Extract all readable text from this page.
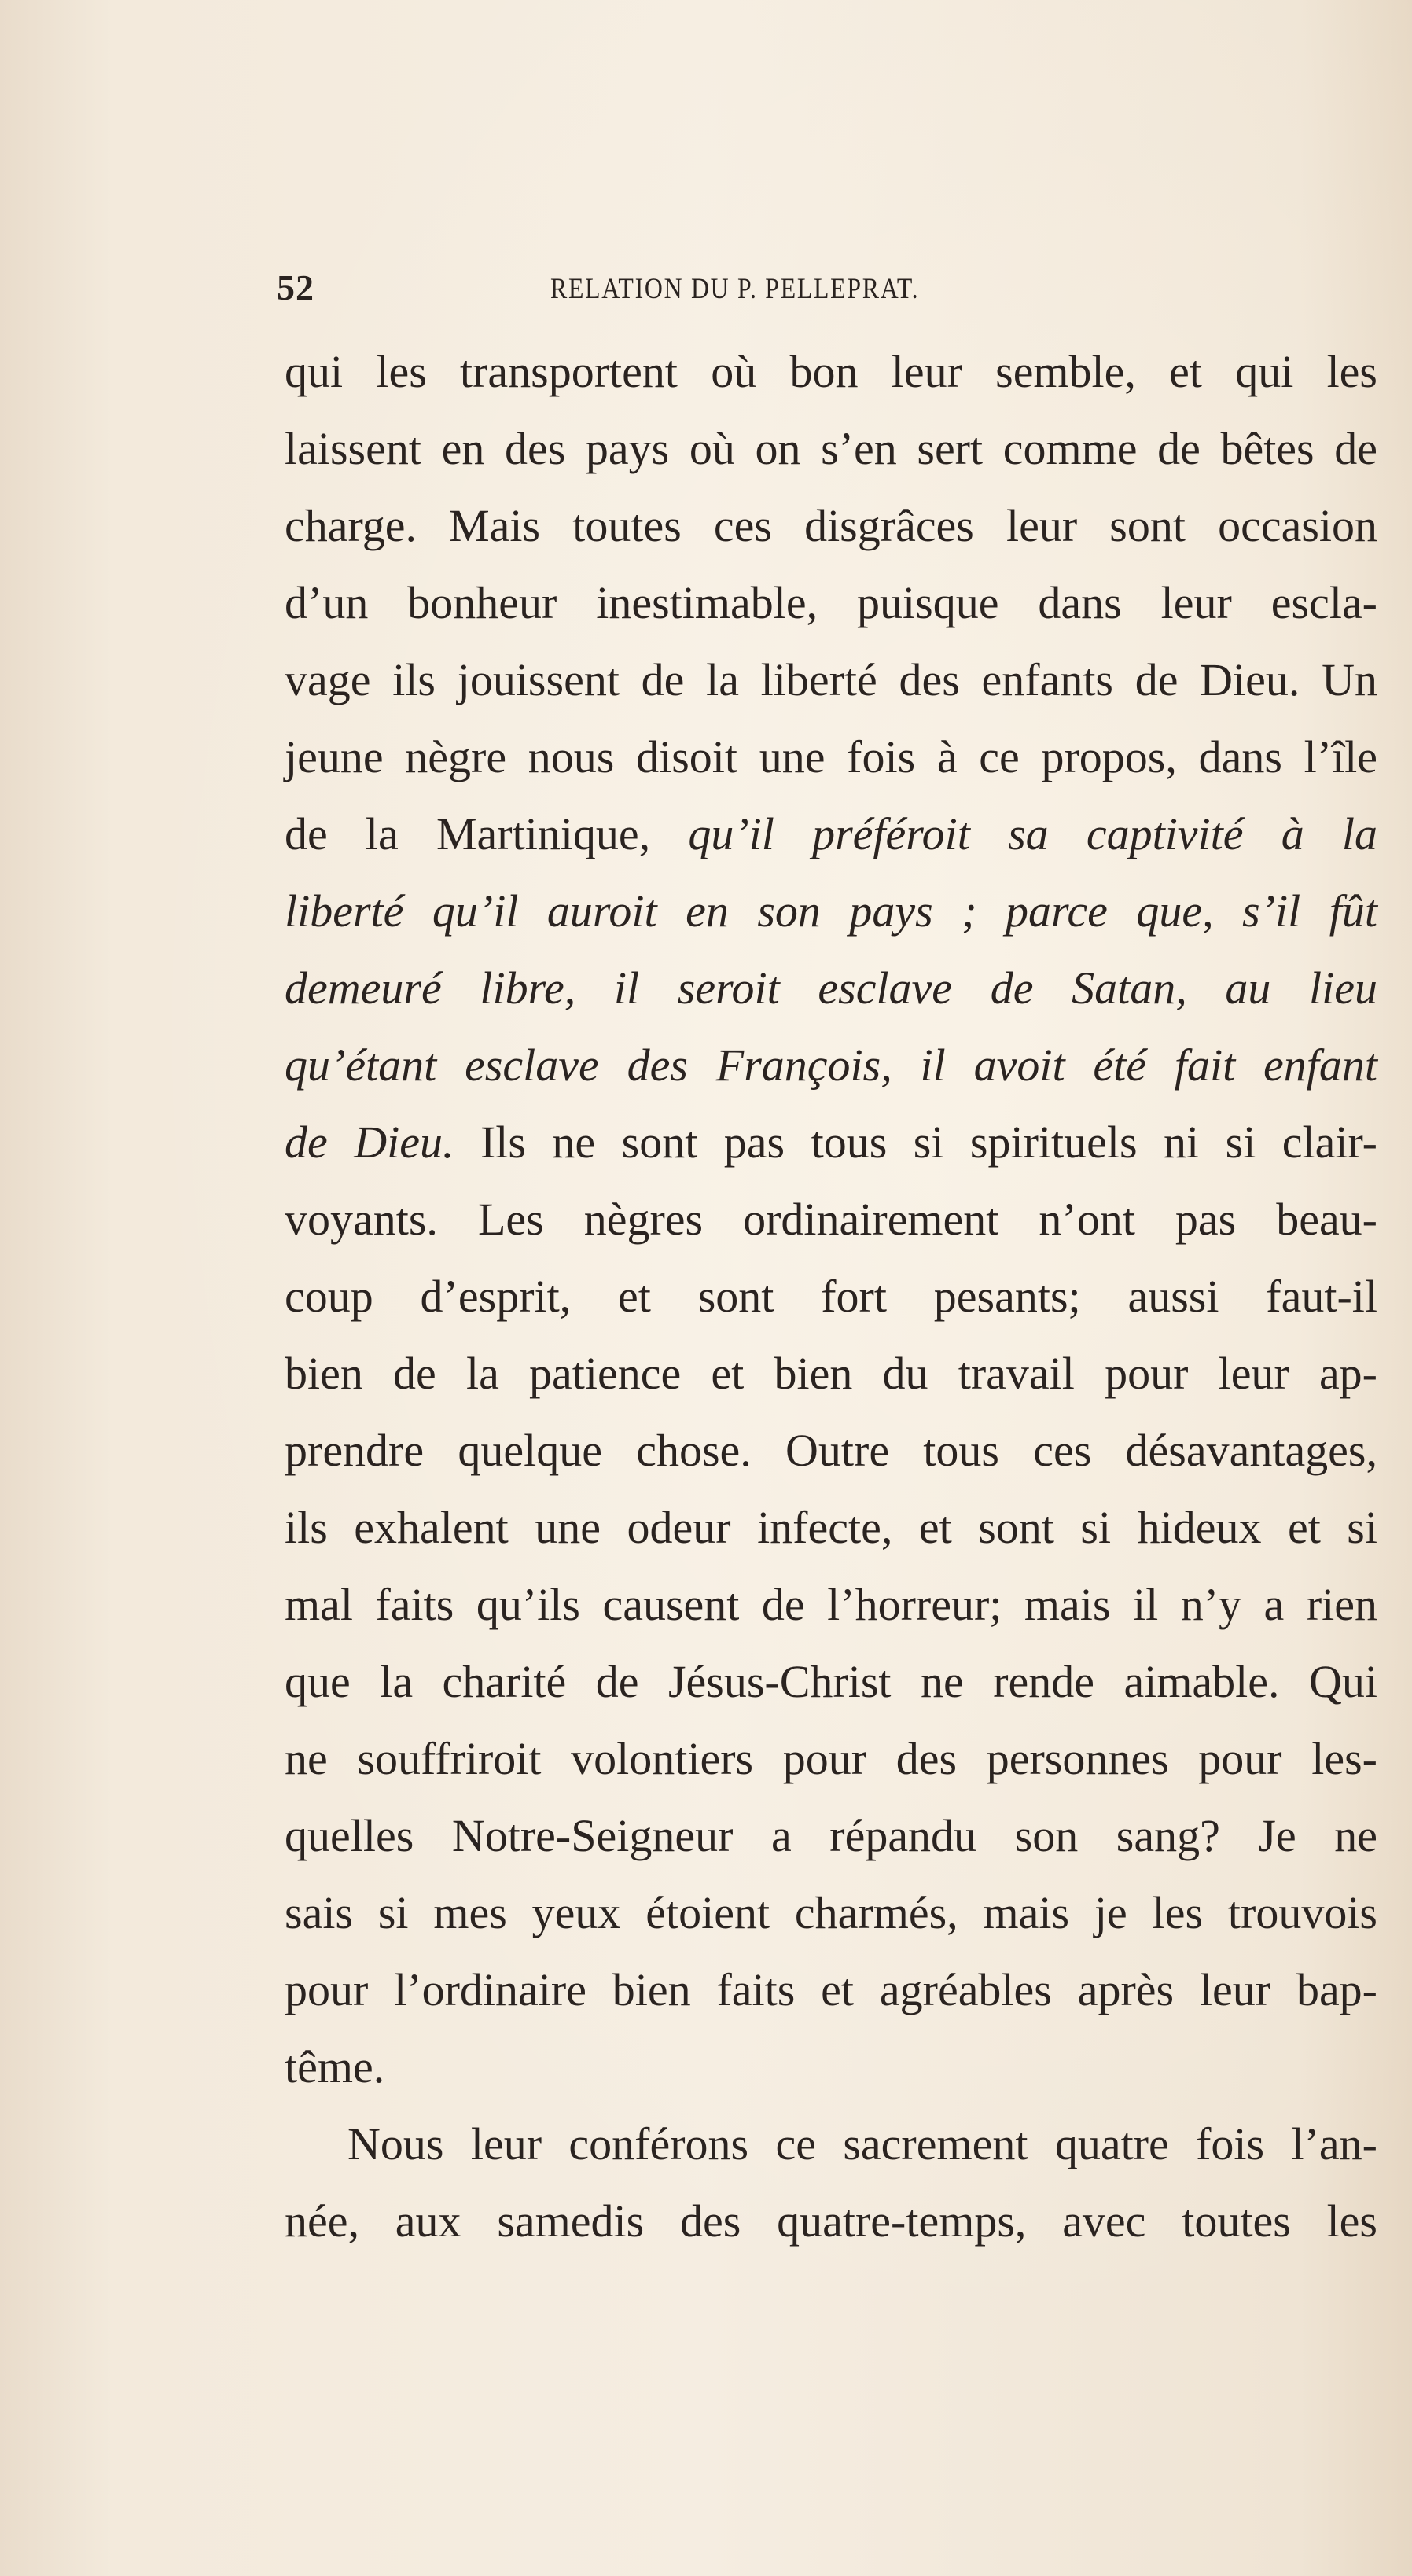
52	RELATION DU P. PELLEPRAT.
qui les transportent où bon leur semble, et qui les
laissent en des pays où on s’en sert comme de bêtes de
charge. Mais toutes ces disgrâces leur sont occasion
d’un bonheur inestimable, puisque dans leur escla-
vage ils jouissent de la liberté des enfants de Dieu. Un
jeune nègre nous disoit une fois à ce propos, dans l’île
de la Martinique, qu’il préféroit sa captivité à la
liberté qu’il auroit en son pays ; parce que, s’il fût
demeuré libre, il seroit esclave de Satan, au lieu
qu’étant esclave des François, il avoit été fait enfant
de Dieu. Ils ne sont pas tous si spirituels ni si clair-
voyants. Les nègres ordinairement n’ont pas beau-
coup d’esprit, et sont fort pesants; aussi faut-il
bien de la patience et bien du travail pour leur ap-
prendre quelque chose. Outre tous ces désavantages,
ils exhalent une odeur infecte, et sont si hideux et si
mal faits qu’ils causent de l’horreur; mais il n’y a rien
que la charité de Jésus-Christ ne rende aimable. Qui
ne souffriroit volontiers pour des personnes pour les-
quelles Notre-Seigneur a répandu son sang? Je ne
sais si mes yeux étoient charmés, mais je les trouvois
pour l’ordinaire bien faits et agréables après leur bap-
tême.
Nous leur conférons ce sacrement quatre fois l’an-
née, aux samedis des quatre-temps, avec toutes les
